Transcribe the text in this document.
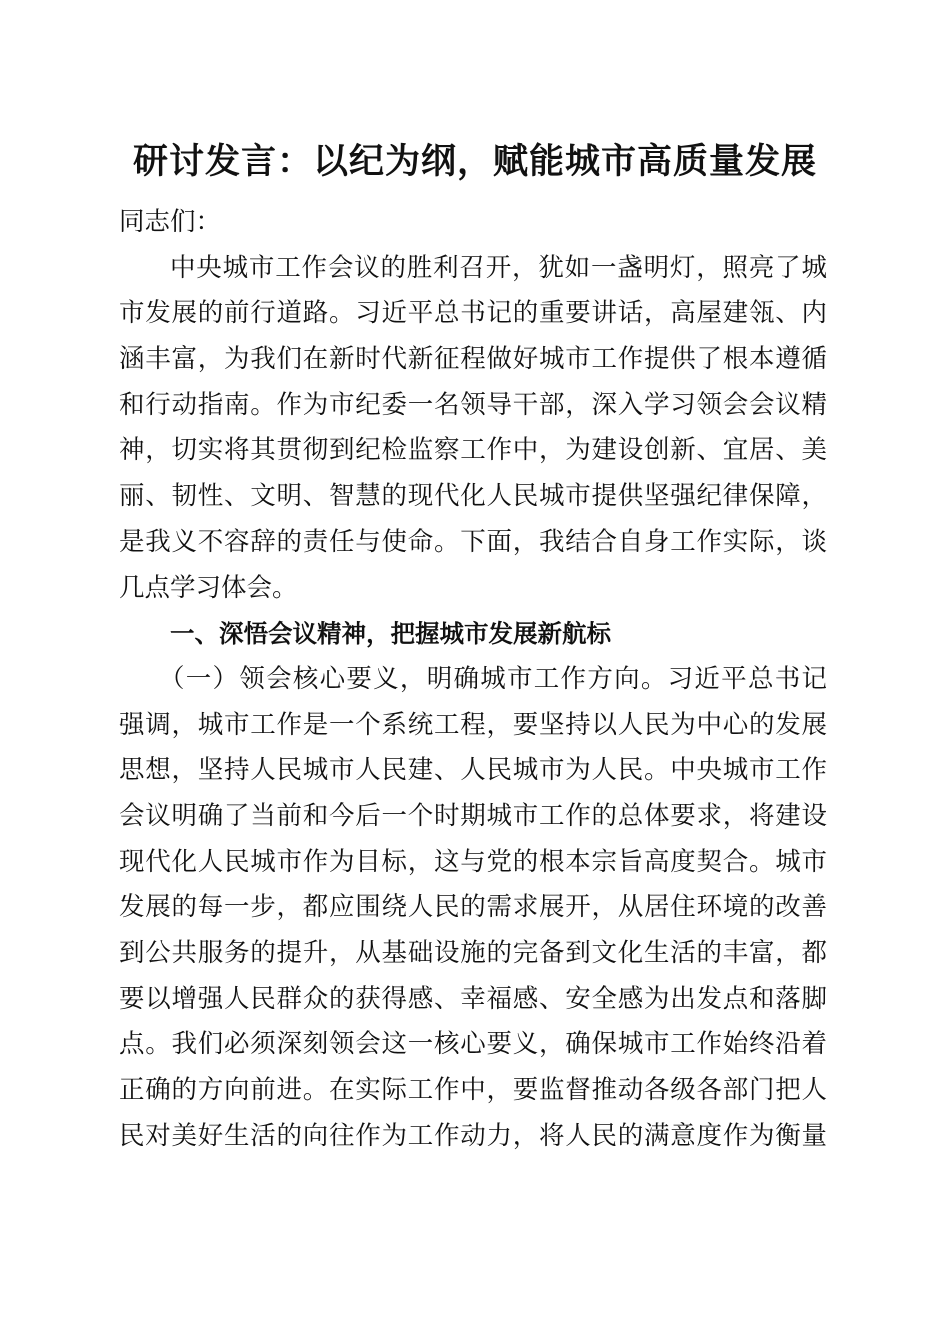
研讨发言：以纪为纲，赋能城市高质量发展
同志们：
中央城市工作会议的胜利召开，犹如一盏明灯，照亮了城
市发展的前行道路。习近平总书记的重要讲话，高屋建瓴、内
涵丰富，为我们在新时代新征程做好城市工作提供了根本遵循
和行动指南。作为市纪委一名领导干部，深入学习领会会议精
神，切实将其贯彻到纪检监察工作中，为建设创新、宜居、美
丽、韧性、文明、智慧的现代化人民城市提供坚强纪律保障，
是我义不容辞的责任与使命。下面，我结合自身工作实际，谈
几点学习体会。
一、深悟会议精神，把握城市发展新航标
（一）领会核心要义，明确城市工作方向。习近平总书记
强调，城市工作是一个系统工程，要坚持以人民为中心的发展
思想，坚持人民城市人民建、人民城市为人民。中央城市工作
会议明确了当前和今后一个时期城市工作的总体要求，将建设
现代化人民城市作为目标，这与党的根本宗旨高度契合。城市
发展的每一步，都应围绕人民的需求展开，从居住环境的改善
到公共服务的提升，从基础设施的完备到文化生活的丰富，都
要以增强人民群众的获得感、幸福感、安全感为出发点和落脚
点。我们必须深刻领会这一核心要义，确保城市工作始终沿着
正确的方向前进。在实际工作中，要监督推动各级各部门把人
民对美好生活的向往作为工作动力，将人民的满意度作为衡量
